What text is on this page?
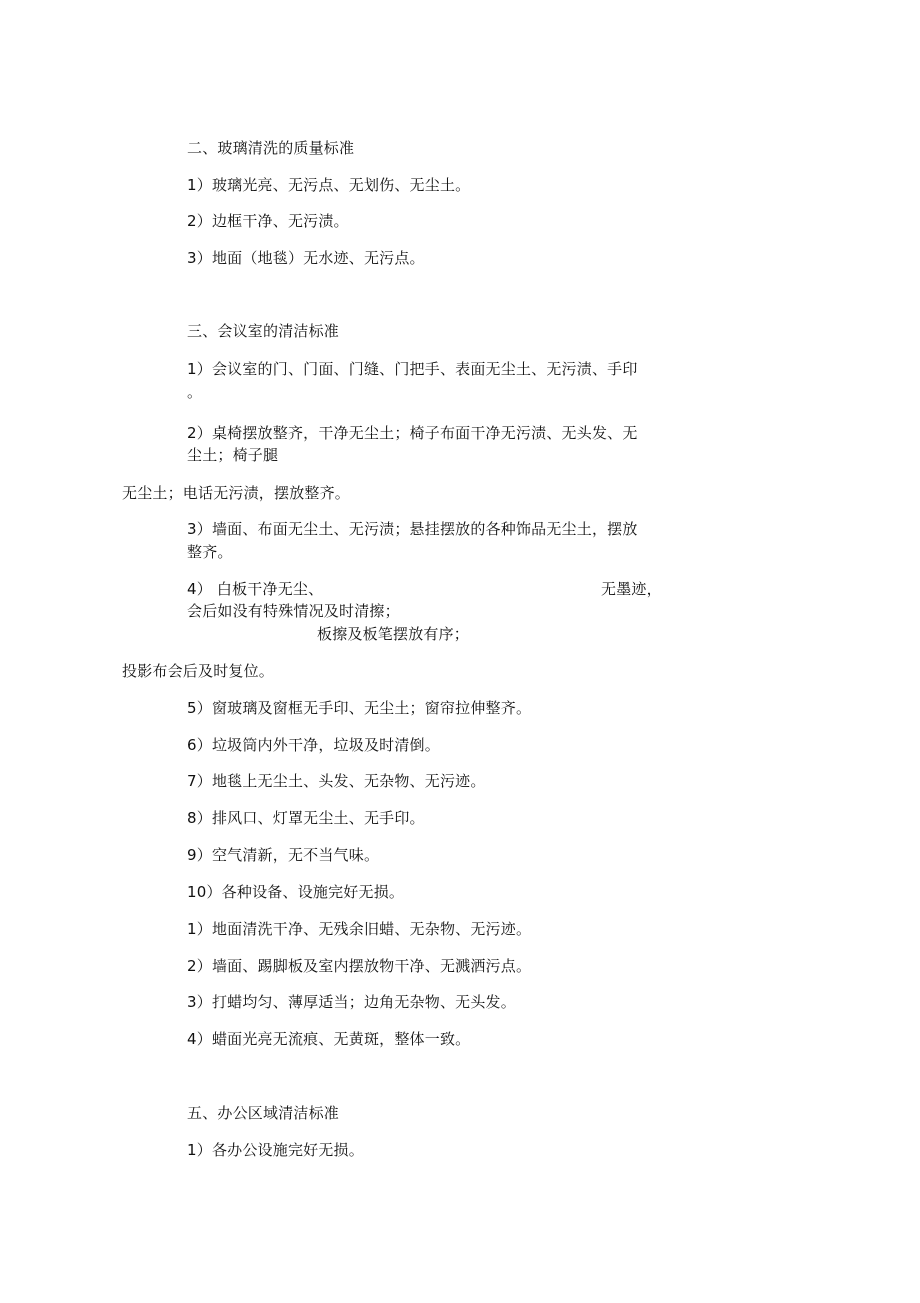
二、玻璃清洗的质量标准
1）玻璃光亮、无污点、无划伤、无尘土。
2）边框干净、无污渍。
3）地面（地毯）无水迹、无污点。
三、会议室的清洁标准
1）会议室的门、门面、门缝、门把手、表面无尘土、无污渍、手印
。
2）桌椅摆放整齐，干净无尘土；椅子布面干净无污渍、无头发、无
尘土；椅子腿
无尘土；电话无污渍，摆放整齐。
3）墙面、布面无尘土、无污渍；悬挂摆放的各种饰品无尘土，摆放
整齐。
4） 白板干净无尘、	无墨迹，
会后如没有特殊情况及时清擦；
板擦及板笔摆放有序；
投影布会后及时复位。
5）窗玻璃及窗框无手印、无尘土；窗帘拉伸整齐。
6）垃圾筒内外干净，垃圾及时清倒。
7）地毯上无尘土、头发、无杂物、无污迹。
8）排风口、灯罩无尘土、无手印。
9）空气清新，无不当气味。
10）各种设备、设施完好无损。
1）地面清洗干净、无残余旧蜡、无杂物、无污迹。
2）墙面、踢脚板及室内摆放物干净、无溅洒污点。
3）打蜡均匀、薄厚适当；边角无杂物、无头发。
4）蜡面光亮无流痕、无黄斑，整体一致。
五、办公区域清洁标准
1）各办公设施完好无损。
